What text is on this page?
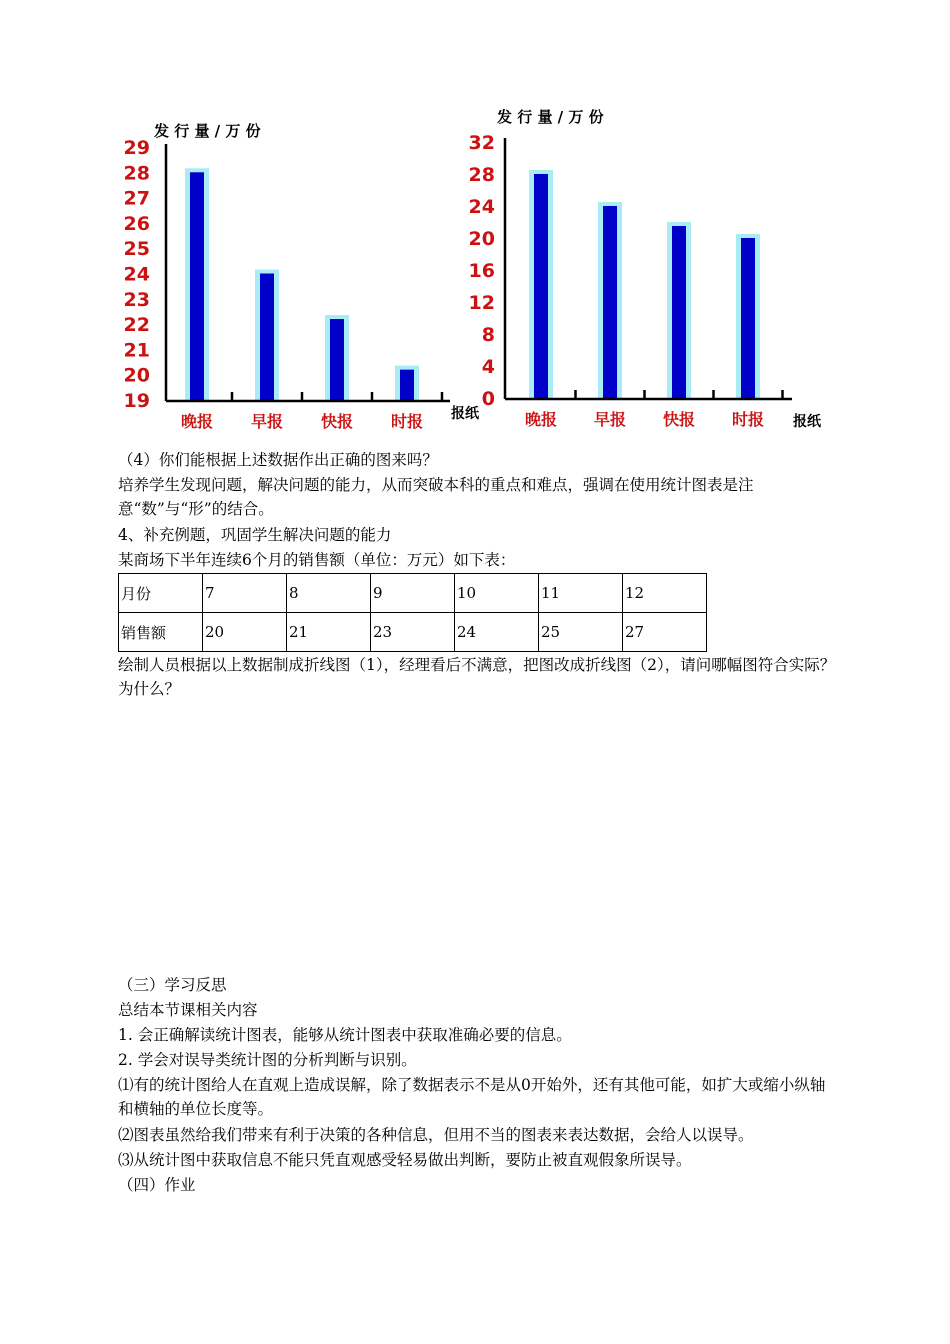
发 行 量 / 万 份
19
20
21
22
23
24
25
26
27
28
29
晚报 早报 快报 时报 报纸
发 行 量 / 万 份
0
4
8
12
16
20
24
28
32
晚报 早报 快报 时报 报纸
（4）你们能根据上述数据作出正确的图来吗？
培养学生发现问题，解决问题的能力，从而突破本科的重点和难点，强调在使用统计图表是注意“数”与“形”的结合。
4、补充例题，巩固学生解决问题的能力
某商场下半年连续6个月的销售额（单位：万元）如下表：
月份	7	8	9	10	11	12
销售额	20	21	23	24	25	27
绘制人员根据以上数据制成折线图（1），经理看后不满意，把图改成折线图（2），请问哪幅图符合实际？为什么？
（三）学习反思
总结本节课相关内容
1. 会正确解读统计图表，能够从统计图表中获取准确必要的信息。
2. 学会对误导类统计图的分析判断与识别。
⑴有的统计图给人在直观上造成误解，除了数据表示不是从0开始外，还有其他可能，如扩大或缩小纵轴和横轴的单位长度等。
⑵图表虽然给我们带来有利于决策的各种信息，但用不当的图表来表达数据，会给人以误导。
⑶从统计图中获取信息不能只凭直观感受轻易做出判断，要防止被直观假象所误导。
（四）作业
